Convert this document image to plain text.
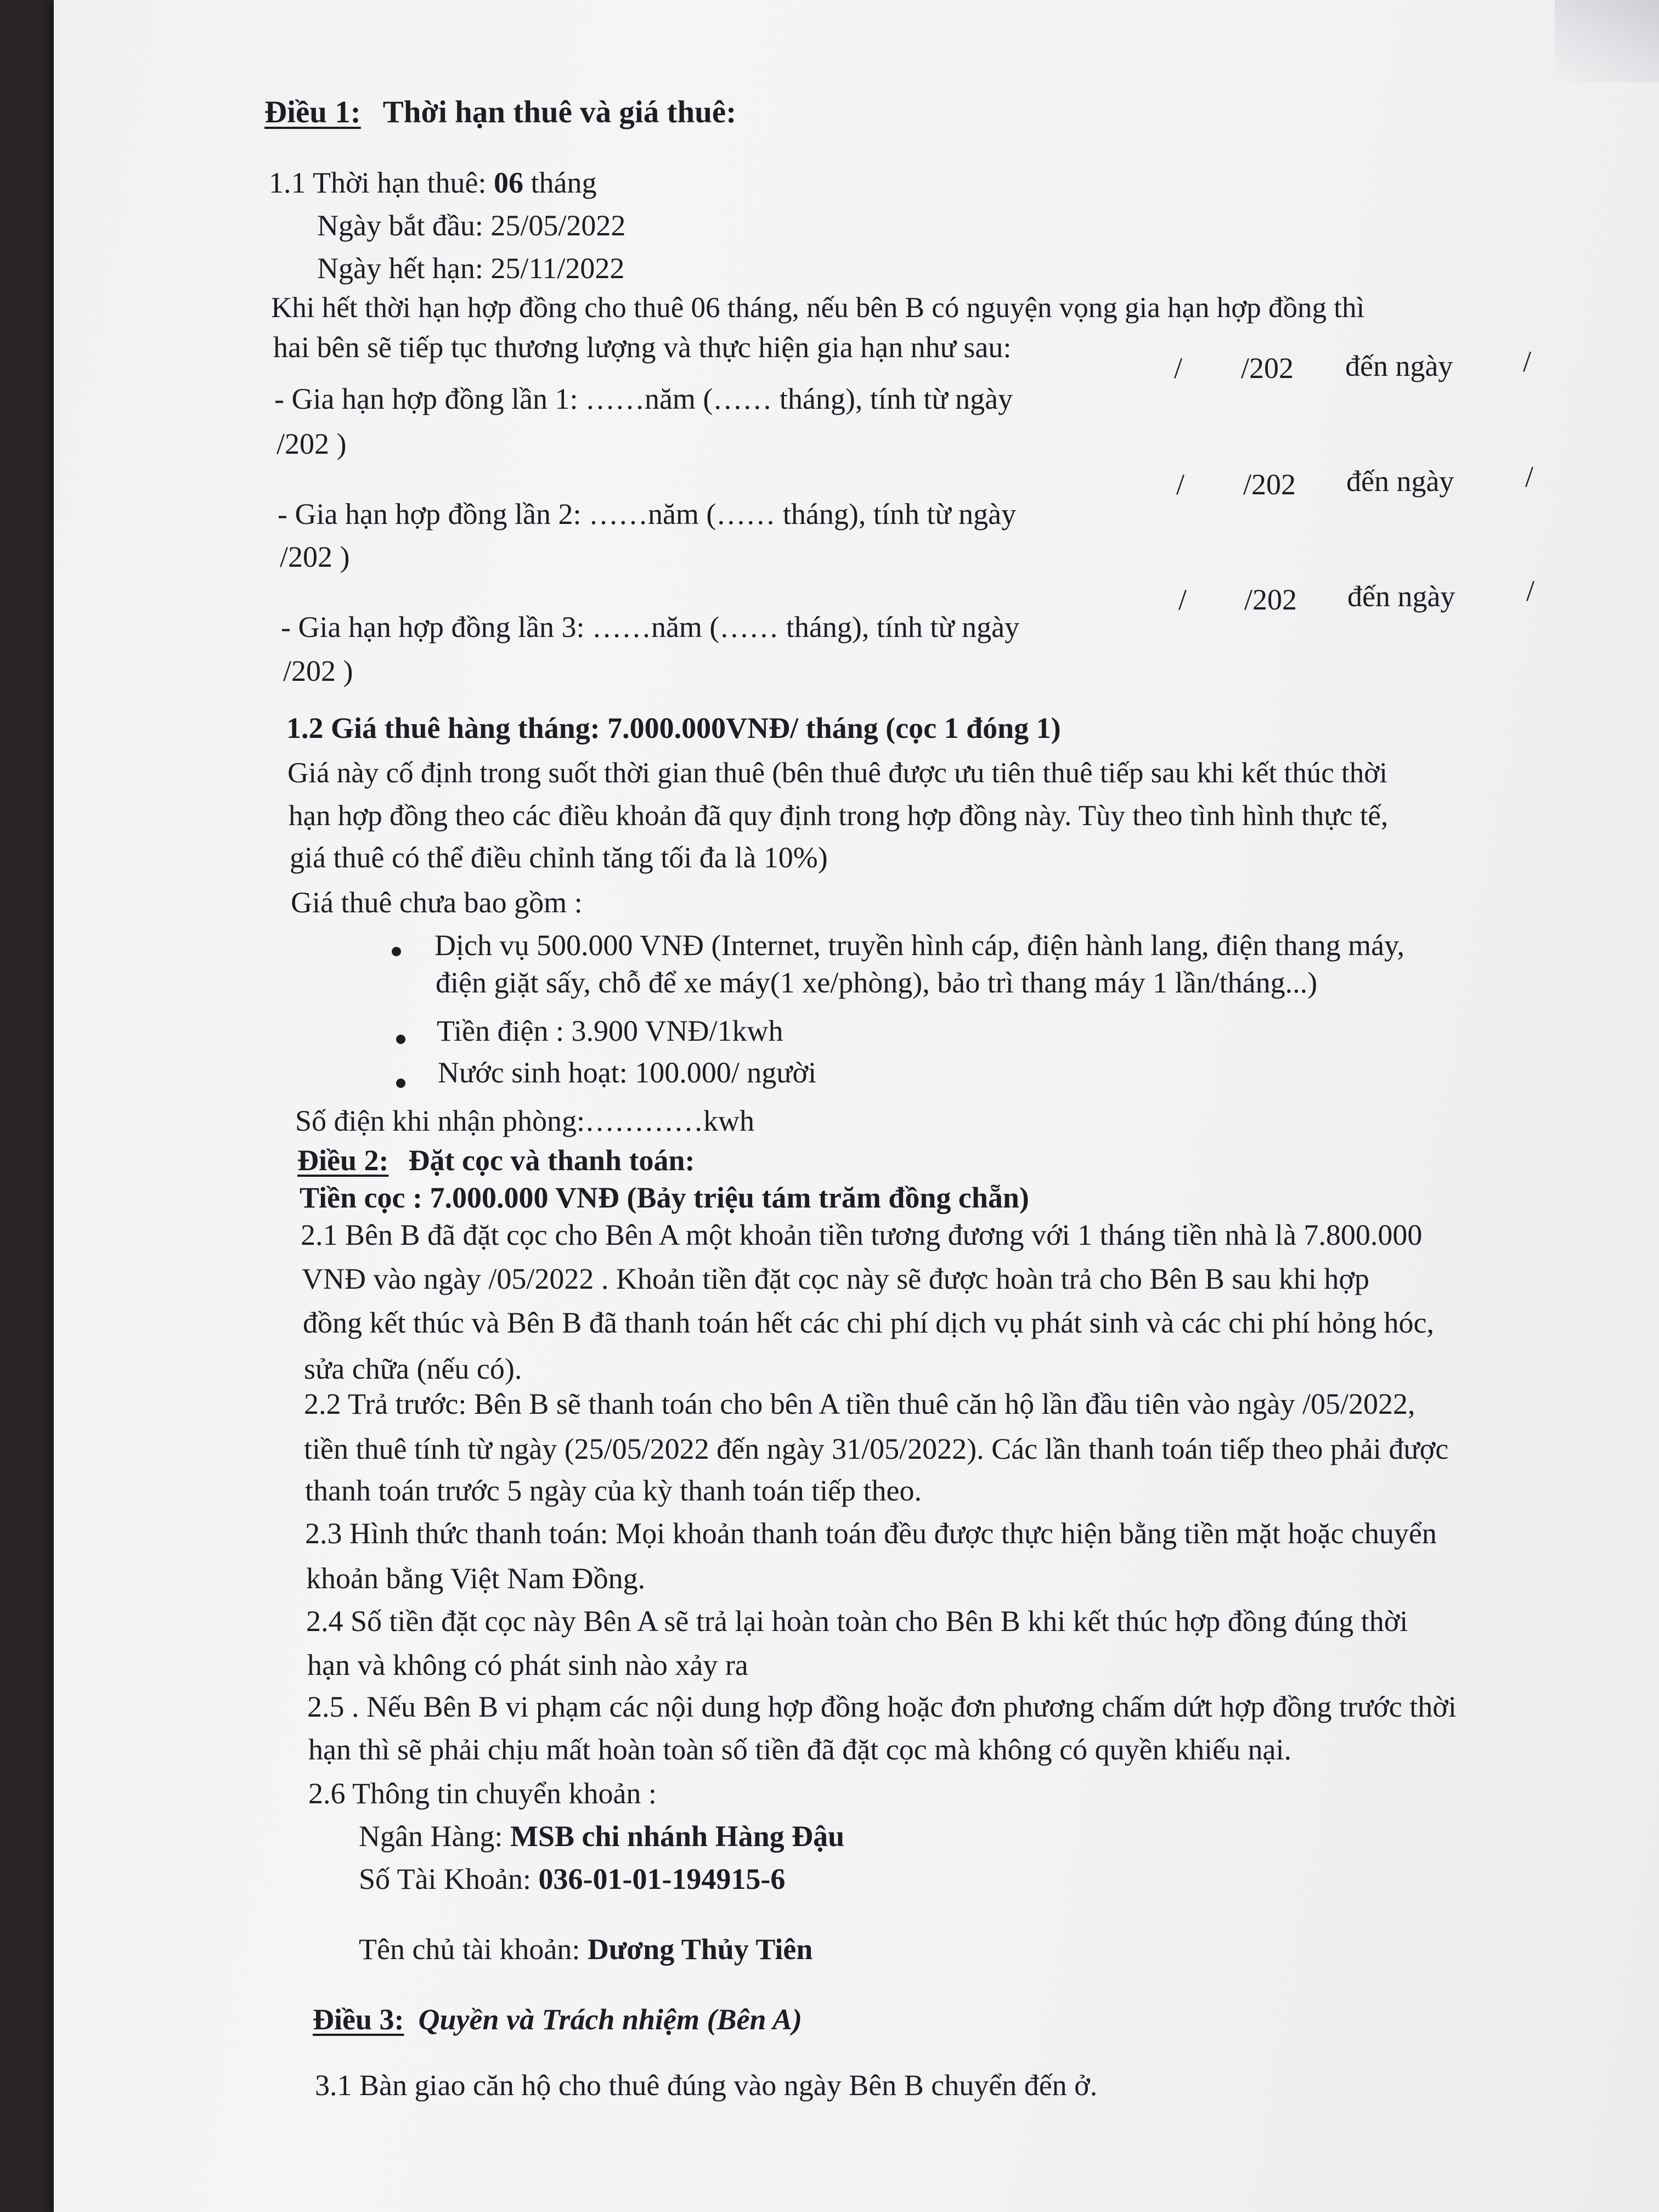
Điều 1: Thời hạn thuê và giá thuê:
1.1 Thời hạn thuê: 06 tháng
Ngày bắt đầu: 25/05/2022
Ngày hết hạn: 25/11/2022
Khi hết thời hạn hợp đồng cho thuê 06 tháng, nếu bên B có nguyện vọng gia hạn hợp đồng thì
hai bên sẽ tiếp tục thương lượng và thực hiện gia hạn như sau:
- Gia hạn hợp đồng lần 1: ……năm (…… tháng), tính từ ngày
/ /202 đến ngày /
/202 )
- Gia hạn hợp đồng lần 2: ……năm (…… tháng), tính từ ngày
/ /202 đến ngày /
/202 )
- Gia hạn hợp đồng lần 3: ……năm (…… tháng), tính từ ngày
/ /202 đến ngày /
/202 )
1.2 Giá thuê hàng tháng: 7.000.000VNĐ/ tháng (cọc 1 đóng 1)
Giá này cố định trong suốt thời gian thuê (bên thuê được ưu tiên thuê tiếp sau khi kết thúc thời
hạn hợp đồng theo các điều khoản đã quy định trong hợp đồng này. Tùy theo tình hình thực tế,
giá thuê có thể điều chỉnh tăng tối đa là 10%)
Giá thuê chưa bao gồm :
Dịch vụ 500.000 VNĐ (Internet, truyền hình cáp, điện hành lang, điện thang máy,
điện giặt sấy, chỗ để xe máy(1 xe/phòng), bảo trì thang máy 1 lần/tháng...)
Tiền điện : 3.900 VNĐ/1kwh
Nước sinh hoạt: 100.000/ người
Số điện khi nhận phòng:…………kwh
Điều 2: Đặt cọc và thanh toán:
Tiền cọc : 7.000.000 VNĐ (Bảy triệu tám trăm đồng chẵn)
2.1 Bên B đã đặt cọc cho Bên A một khoản tiền tương đương với 1 tháng tiền nhà là 7.800.000
VNĐ vào ngày /05/2022 . Khoản tiền đặt cọc này sẽ được hoàn trả cho Bên B sau khi hợp
đồng kết thúc và Bên B đã thanh toán hết các chi phí dịch vụ phát sinh và các chi phí hỏng hóc,
sửa chữa (nếu có).
2.2 Trả trước: Bên B sẽ thanh toán cho bên A tiền thuê căn hộ lần đầu tiên vào ngày /05/2022,
tiền thuê tính từ ngày (25/05/2022 đến ngày 31/05/2022). Các lần thanh toán tiếp theo phải được
thanh toán trước 5 ngày của kỳ thanh toán tiếp theo.
2.3 Hình thức thanh toán: Mọi khoản thanh toán đều được thực hiện bằng tiền mặt hoặc chuyển
khoản bằng Việt Nam Đồng.
2.4 Số tiền đặt cọc này Bên A sẽ trả lại hoàn toàn cho Bên B khi kết thúc hợp đồng đúng thời
hạn và không có phát sinh nào xảy ra
2.5 . Nếu Bên B vi phạm các nội dung hợp đồng hoặc đơn phương chấm dứt hợp đồng trước thời
hạn thì sẽ phải chịu mất hoàn toàn số tiền đã đặt cọc mà không có quyền khiếu nại.
2.6 Thông tin chuyển khoản :
Ngân Hàng: MSB chi nhánh Hàng Đậu
Số Tài Khoản: 036-01-01-194915-6
Tên chủ tài khoản: Dương Thủy Tiên
Điều 3: Quyền và Trách nhiệm (Bên A)
3.1 Bàn giao căn hộ cho thuê đúng vào ngày Bên B chuyển đến ở.
